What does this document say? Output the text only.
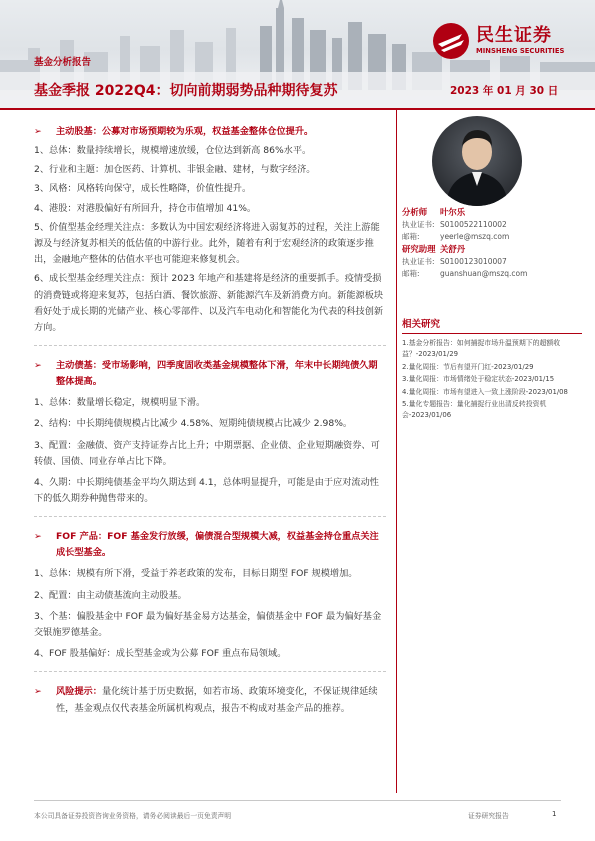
民生证券
MINSHENG SECURITIES
基金分析报告
基金季报 2022Q4：切向前期弱势品种期待复苏	2023 年 01 月 30 日
➢ 主动股基：公募对市场预期较为乐观，权益基金整体仓位提升。
1、总体：数量持续增长，规模增速放缓，仓位达到新高 86%水平。
2、行业和主题：加仓医药、计算机、非银金融、建材，与数字经济。
3、风格：风格转向保守，成长性略降，价值性提升。
4、港股：对港股偏好有所回升，持仓市值增加 41%。
5、价值型基金经理关注点：多数认为中国宏观经济将进入弱复苏的过程，关注上游能源及与经济复苏相关的低估值的中游行业。此外，随着有利于宏观经济的政策逐步推出，金融地产整体的估值水平也可能迎来修复机会。
6、成长型基金经理关注点：预计 2023 年地产和基建将是经济的重要抓手。疫情受损的消费链或将迎来复苏，包括白酒、餐饮旅游、新能源汽车及新消费方向。新能源板块看好处于成长期的光储产业、核心零部件、以及汽车电动化和智能化为代表的科技创新方向。
➢ 主动债基：受市场影响，四季度固收类基金规模整体下滑，年末中长期纯债久期整体提高。
1、总体：数量增长稳定，规模明显下滑。
2、结构：中长期纯债规模占比减少 4.58%、短期纯债规模占比减少 2.98%。
3、配置：金融债、资产支持证券占比上升；中期票据、企业债、企业短期融资券、可转债、国债、同业存单占比下降。
4、久期：中长期纯债基金平均久期达到 4.1，总体明显提升，可能是由于应对流动性下的低久期券种抛售带来的。
➢ FOF 产品：FOF 基金发行放缓，偏债混合型规模大减，权益基金持仓重点关注成长型基金。
1、总体：规模有所下滑，受益于养老政策的发布，目标日期型 FOF 规模增加。
2、配置：由主动债基流向主动股基。
3、个基：偏股基金中 FOF 最为偏好基金易方达基金，偏债基金中 FOF 最为偏好基金交银施罗德基金。
4、FOF 股基偏好：成长型基金或为公募 FOF 重点布局领域。
➢ 风险提示：量化统计基于历史数据，如若市场、政策环境变化，不保证规律延续性，基金观点仅代表基金所属机构观点，报告不构成对基金产品的推荐。
分析师 叶尔乐
执业证书: S0100522110002
邮箱:	yeerle@mszq.com
研究助理 关舒丹
执业证书: S0100123010007
邮箱:	guanshuan@mszq.com
相关研究
1.基金分析报告：如何捕捉市场升温预期下的超额收益？-2023/01/29
2.量化周报：节后有望开门红-2023/01/29
3.量化周报：市场情绪处于稳定状态-2023/01/15
4.量化周报：市场有望进入一致上涨阶段-2023/01/08
5.量化专题报告：量化捕捉行业出清反转投资机会-2023/01/06
本公司具备证券投资咨询业务资格，请务必阅读最后一页免责声明	证券研究报告	1
